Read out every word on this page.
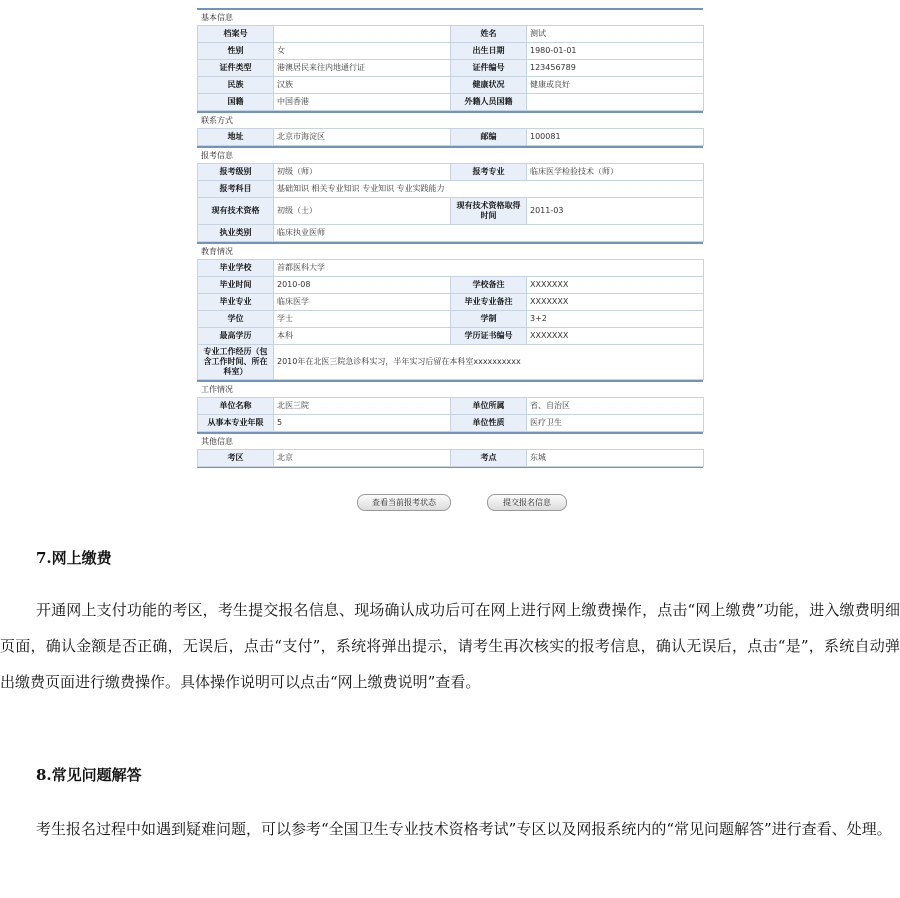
基本信息
档案号		姓名	测试
性别	女	出生日期	1980-01-01
证件类型	港澳居民来往内地通行证	证件编号	123456789
民族	汉族	健康状况	健康或良好
国籍	中国香港	外籍人员国籍	
联系方式
地址	北京市海淀区	邮编	100081
报考信息
报考级别	初级（师）	报考专业	临床医学检验技术（师）
报考科目	基础知识 相关专业知识 专业知识 专业实践能力		
现有技术资格	初级（士）	现有技术资格取得时间	2011-03
执业类别	临床执业医师		
教育情况
毕业学校	首都医科大学		
毕业时间	2010-08	学校备注	XXXXXXX
毕业专业	临床医学	毕业专业备注	XXXXXXX
学位	学士	学制	3+2
最高学历	本科	学历证书编号	XXXXXXX
专业工作经历（包含工作时间、所在科室）	2010年在北医三院急诊科实习，半年实习后留在本科室xxxxxxxxxx		
工作情况
单位名称	北医三院	单位所属	省、自治区
从事本专业年限	5	单位性质	医疗卫生
其他信息
考区	北京	考点	东城
查看当前报考状态	提交报名信息
7.网上缴费

开通网上支付功能的考区，考生提交报名信息、现场确认成功后可在网上进行网上缴费操作，点击“网上缴费”功能，进入缴费明细页面，确认金额是否正确，无误后，点击“支付”，系统将弹出提示，请考生再次核实的报考信息，确认无误后，点击“是”，系统自动弹出缴费页面进行缴费操作。具体操作说明可以点击“网上缴费说明”查看。

8.常见问题解答

考生报名过程中如遇到疑难问题，可以参考“全国卫生专业技术资格考试”专区以及网报系统内的“常见问题解答”进行查看、处理。
